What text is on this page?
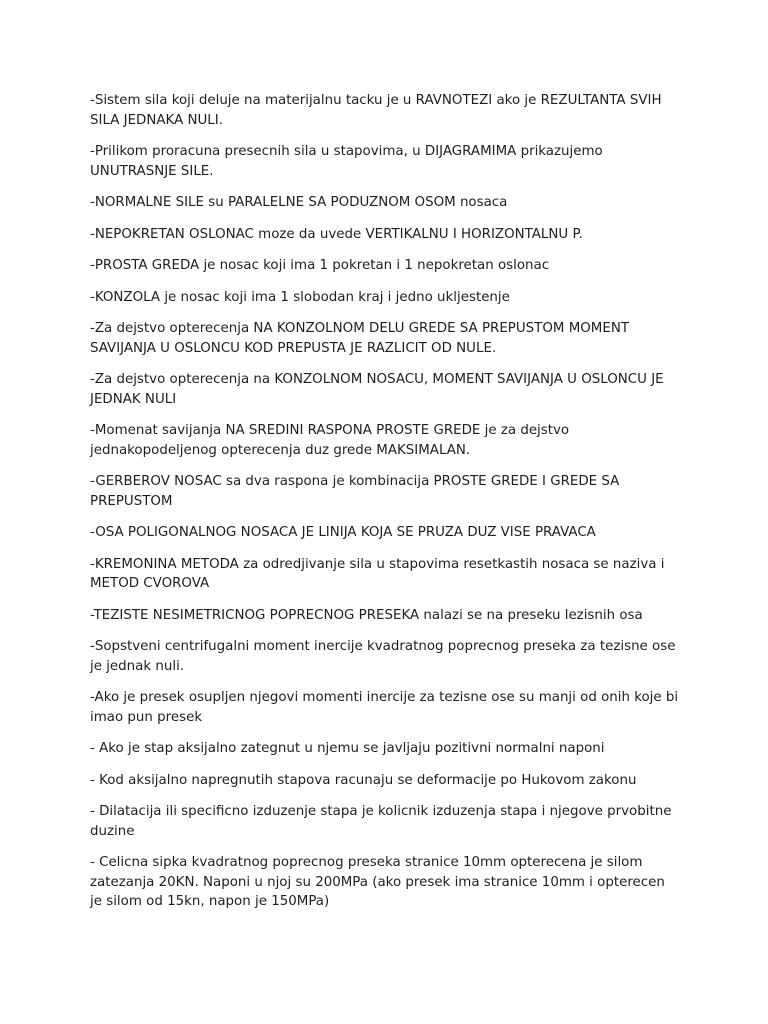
-Sistem sila koji deluje na materijalnu tacku je u RAVNOTEZI ako je REZULTANTA SVIH SILA JEDNAKA NULI.

-Prilikom proracuna presecnih sila u stapovima, u DIJAGRAMIMA prikazujemo UNUTRASNJE SILE.

-NORMALNE SILE su PARALELNE SA PODUZNOM OSOM nosaca

-NEPOKRETAN OSLONAC moze da uvede VERTIKALNU I HORIZONTALNU P.

-PROSTA GREDA je nosac koji ima 1 pokretan i 1 nepokretan oslonac

-KONZOLA je nosac koji ima 1 slobodan kraj i jedno ukljestenje

-Za dejstvo opterecenja NA KONZOLNOM DELU GREDE SA PREPUSTOM MOMENT SAVIJANJA U OSLONCU KOD PREPUSTA JE RAZLICIT OD NULE.

-Za dejstvo opterecenja na KONZOLNOM NOSACU, MOMENT SAVIJANJA U OSLONCU JE JEDNAK NULI

-Momenat savijanja NA SREDINI RASPONA PROSTE GREDE je za dejstvo jednakopodeljenog opterecenja duz grede MAKSIMALAN.

-GERBEROV NOSAC sa dva raspona je kombinacija PROSTE GREDE I GREDE SA PREPUSTOM

-OSA POLIGONALNOG NOSACA JE LINIJA KOJA SE PRUZA DUZ VISE PRAVACA

-KREMONINA METODA za odredjivanje sila u stapovima resetkastih nosaca se naziva i METOD CVOROVA

-TEZISTE NESIMETRICNOG POPRECNOG PRESEKA nalazi se na preseku lezisnih osa

-Sopstveni centrifugalni moment inercije kvadratnog poprecnog preseka za tezisne ose je jednak nuli.

-Ako je presek osupljen njegovi momenti inercije za tezisne ose su manji od onih koje bi imao pun presek

- Ako je stap aksijalno zategnut u njemu se javljaju pozitivni normalni naponi

- Kod aksijalno napregnutih stapova racunaju se deformacije po Hukovom zakonu

- Dilatacija ili specificno izduzenje stapa je kolicnik izduzenja stapa i njegove prvobitne duzine

- Celicna sipka kvadratnog poprecnog preseka stranice 10mm opterecena je silom zatezanja 20KN. Naponi u njoj su 200MPa (ako presek ima stranice 10mm i opterecen je silom od 15kn, napon je 150MPa)
